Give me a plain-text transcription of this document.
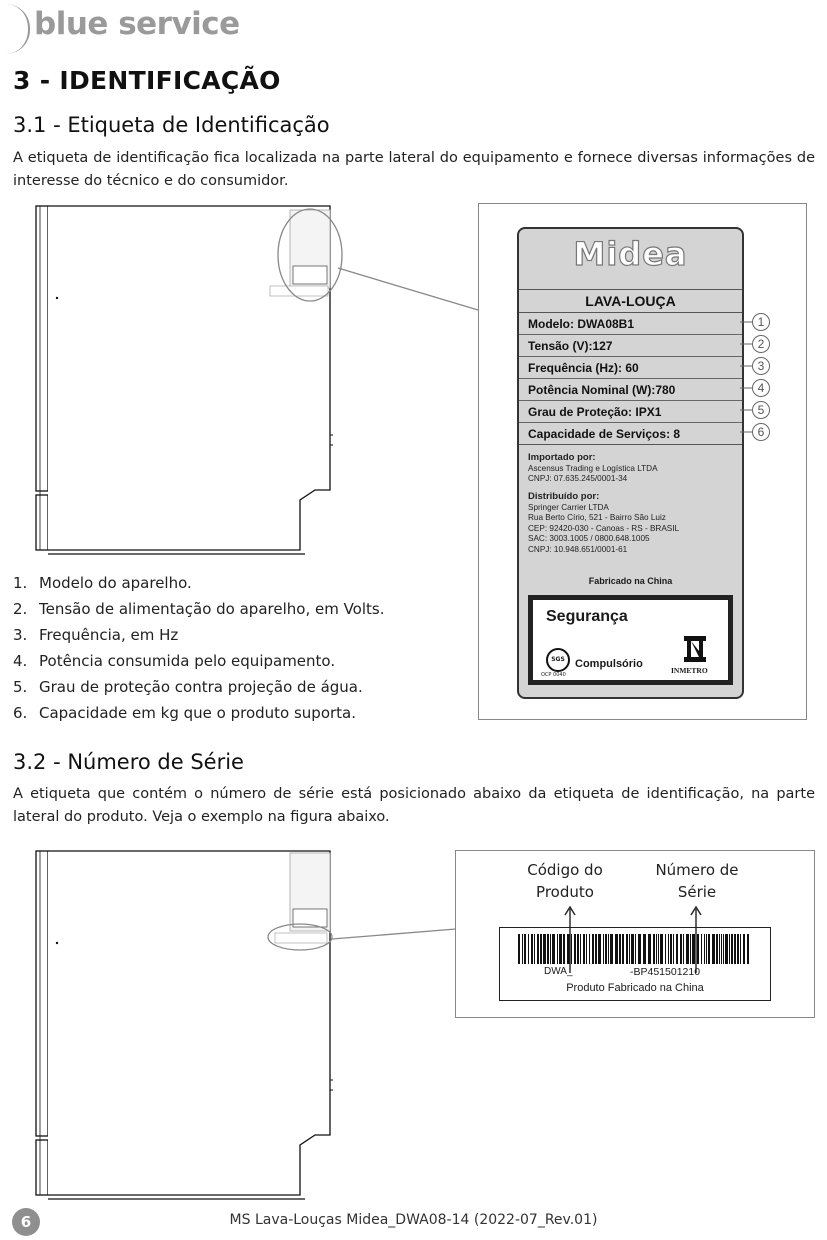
blue service
3 - IDENTIFICAÇÃO
3.1 - Etiqueta de Identificação
A etiqueta de identificação fica localizada na parte lateral do equipamento e fornece diversas informações de interesse do técnico e do consumidor.
Midea
LAVA-LOUÇA
Modelo: DWA08B1
Tensão (V):127
Frequência (Hz): 60
Potência Nominal (W):780
Grau de Proteção: IPX1
Capacidade de Serviços: 8
Importado por:
Ascensus Trading e Logística LTDA
CNPJ: 07.635.245/0001-34
Distribuído por:
Springer Carrier LTDA
Rua Berto Círio, 521 - Bairro São Luiz
CEP: 92420-030 - Canoas - RS - BRASIL
SAC: 3003.1005 / 0800.648.1005
CNPJ: 10.948.651/0001-61
Fabricado na China
Segurança
SGS
OCP 0040
Compulsório
INMETRO
1
2
3
4
5
6
1. Modelo do aparelho.
2. Tensão de alimentação do aparelho, em Volts.
3. Frequência, em Hz
4. Potência consumida pelo equipamento.
5. Grau de proteção contra projeção de água.
6. Capacidade em kg que o produto suporta.
3.2 - Número de Série
A etiqueta que contém o número de série está posicionado abaixo da etiqueta de identificação, na parte lateral do produto. Veja o exemplo na figura abaixo.
Código do
Produto
Número de
Série
DWA_	-BP451501210
Produto Fabricado na China
6	MS Lava-Louças Midea_DWA08-14 (2022-07_Rev.01)
